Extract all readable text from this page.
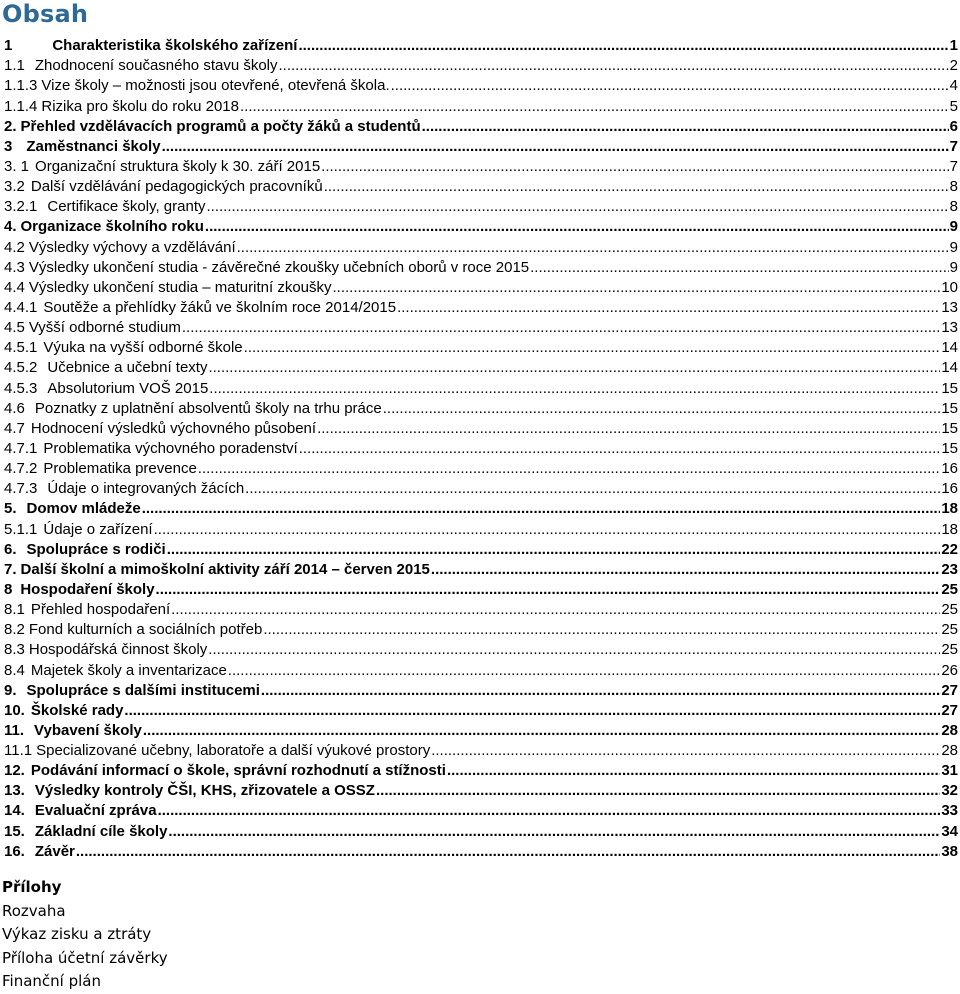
Obsah
1	Charakteristika školského zařízení .....	1
1.1 Zhodnocení současného stavu školy .....	2
1.1.3 Vize školy – možnosti jsou otevřené, otevřená škola. .....	4
1.1.4 Rizika pro školu do roku 2018 .....	5
2. Přehled vzdělávacích programů a počty žáků a studentů .....	6
3 Zaměstnanci školy .....	7
3. 1 Organizační struktura školy k 30. září 2015 .....	7
3.2 Další vzdělávání pedagogických pracovníků .....	8
3.2.1 Certifikace školy, granty .....	8
4. Organizace školního roku .....	9
4.2 Výsledky výchovy a vzdělávání .....	9
4.3 Výsledky ukončení studia - závěrečné zkoušky učebních oborů v roce 2015 .....	9
4.4 Výsledky ukončení studia – maturitní zkoušky .....	10
4.4.1 Soutěže a přehlídky žáků ve školním roce 2014/2015 .....	13
4.5 Vyšší odborné studium .....	13
4.5.1 Výuka na vyšší odborné škole .....	14
4.5.2 Učebnice a učební texty .....	14
4.5.3 Absolutorium VOŠ 2015 .....	15
4.6 Poznatky z uplatnění absolventů školy na trhu práce .....	15
4.7 Hodnocení výsledků výchovného působení .....	15
4.7.1 Problematika výchovného poradenství .....	15
4.7.2 Problematika prevence .....	16
4.7.3 Údaje o integrovaných žácích .....	16
5. Domov mládeže .....	18
5.1.1 Údaje o zařízení .....	18
6. Spolupráce s rodiči .....	22
7. Další školní a mimoškolní aktivity září 2014 – červen 2015 .....	23
8 Hospodaření školy .....	25
8.1 Přehled hospodaření .....	25
8.2 Fond kulturních a sociálních potřeb .....	25
8.3 Hospodářská činnost školy .....	25
8.4 Majetek školy a inventarizace .....	26
9. Spolupráce s dalšími institucemi .....	27
10. Školské rady .....	27
11. Vybavení školy .....	28
11.1 Specializované učebny, laboratoře a další výukové prostory .....	28
12. Podávání informací o škole, správní rozhodnutí a stížnosti .....	31
13. Výsledky kontroly ČŠI, KHS, zřizovatele a OSSZ .....	32
14. Evaluační zpráva .....	33
15. Základní cíle školy .....	34
16. Závěr .....	38
Přílohy
Rozvaha
Výkaz zisku a ztráty
Příloha účetní závěrky
Finanční plán
